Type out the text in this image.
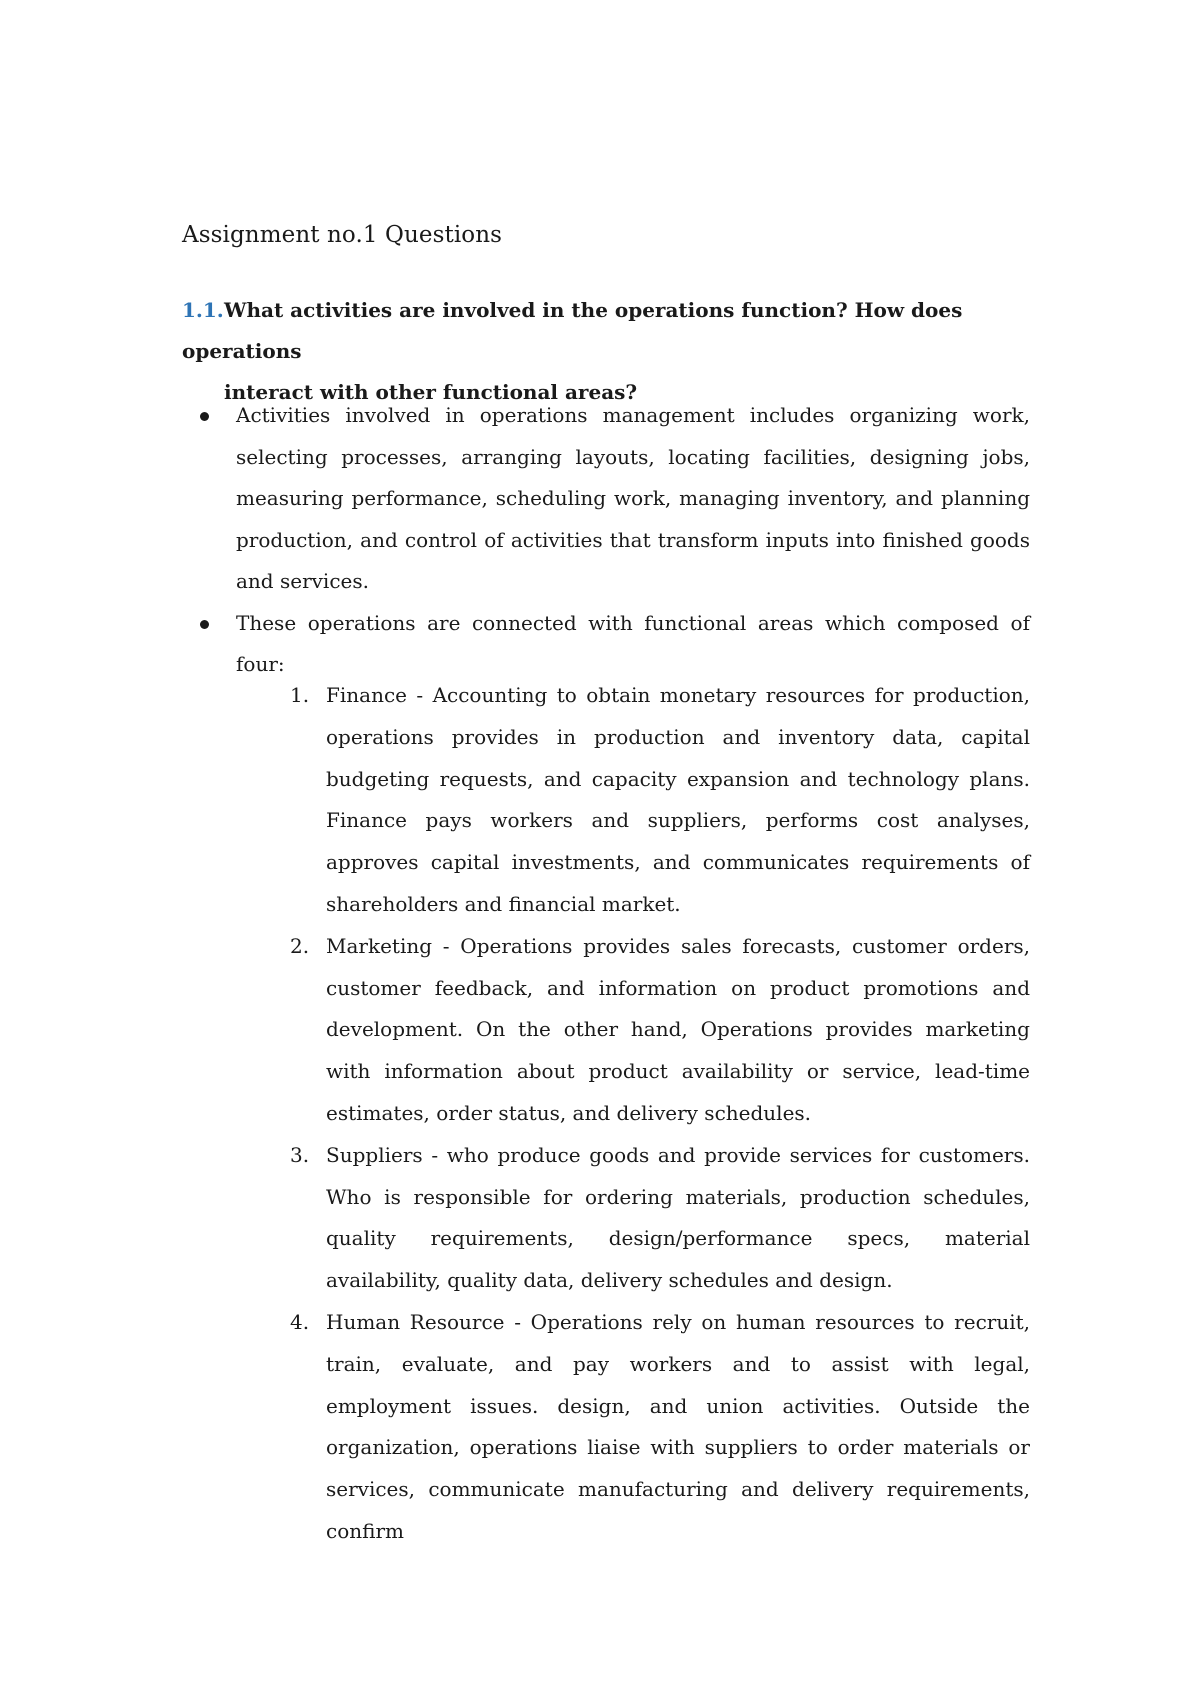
Assignment no.1 Questions
1.1.What activities are involved in the operations function? How does operations
interact with other functional areas?
Activities involved in operations management includes organizing work, selecting processes, arranging layouts, locating facilities, designing jobs, measuring performance, scheduling work, managing inventory, and planning production, and control of activities that transform inputs into finished goods and services.
These operations are connected with functional areas which composed of four:
1. Finance - Accounting to obtain monetary resources for production, operations provides in production and inventory data, capital budgeting requests, and capacity expansion and technology plans. Finance pays workers and suppliers, performs cost analyses, approves capital investments, and communicates requirements of shareholders and financial market.
2. Marketing - Operations provides sales forecasts, customer orders, customer feedback, and information on product promotions and development. On the other hand, Operations provides marketing with information about product availability or service, lead-time estimates, order status, and delivery schedules.
3. Suppliers - who produce goods and provide services for customers. Who is responsible for ordering materials, production schedules, quality requirements, design/performance specs, material availability, quality data, delivery schedules and design.
4. Human Resource - Operations rely on human resources to recruit, train, evaluate, and pay workers and to assist with legal, employment issues. design, and union activities. Outside the organization, operations liaise with suppliers to order materials or services, communicate manufacturing and delivery requirements, confirm
